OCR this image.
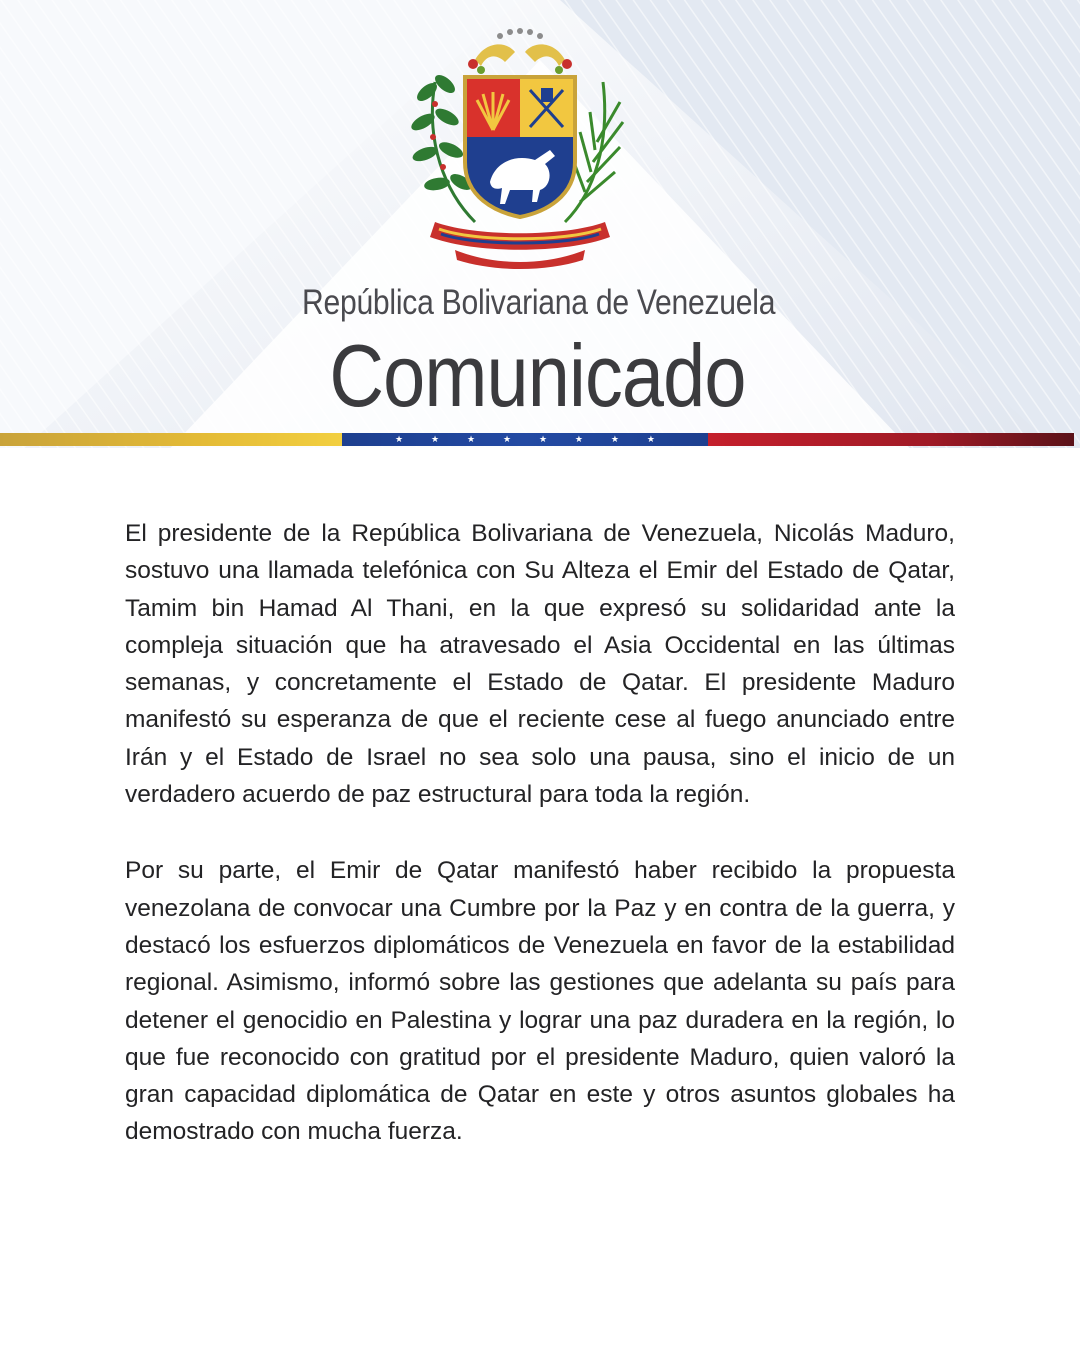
República Bolivariana de Venezuela
Comunicado
★	★	★	★	★	★	★	★

El presidente de la República Bolivariana de Venezuela, Nicolás Maduro, sostuvo una llamada telefónica con Su Alteza el Emir del Estado de Qatar, Tamim bin Hamad Al Thani, en la que expresó su solidaridad ante la compleja situación que ha atravesado el Asia Occidental en las últimas semanas, y concretamente el Estado de Qatar. El presidente Maduro manifestó su esperanza de que el reciente cese al fuego anunciado entre Irán y el Estado de Israel no sea solo una pausa, sino el inicio de un verdadero acuerdo de paz estructural para toda la región.

Por su parte, el Emir de Qatar manifestó haber recibido la propuesta venezolana de convocar una Cumbre por la Paz y en contra de la guerra, y destacó los esfuerzos diplomáticos de Venezuela en favor de la estabilidad regional. Asimismo, informó sobre las gestiones que adelanta su país para detener el genocidio en Palestina y lograr una paz duradera en la región, lo que fue reconocido con gratitud por el presidente Maduro, quien valoró la gran capacidad diplomática de Qatar en este y otros asuntos globales ha demostrado con mucha fuerza.
